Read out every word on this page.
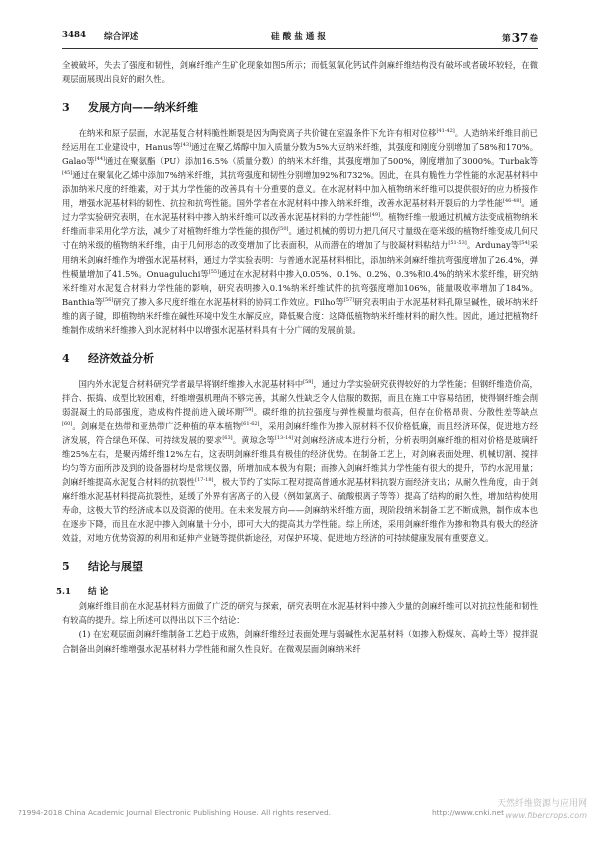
3484 综合评述	硅酸盐通报	第37卷

全被破坏，失去了强度和韧性，剑麻纤维产生矿化现象如图5所示；而低氢氧化钙试件剑麻纤维结构没有破坏或者破坏较轻，在微观层面展现出良好的耐久性。

3 发展方向——纳米纤维

在纳米和原子层面，水泥基复合材料脆性断裂是因为陶瓷离子共价键在室温条件下允许有相对位移[41-42]。人造纳米纤维目前已经运用在工业建设中，Hanus等[43]通过在聚乙烯醇中加入质量分数为5%大豆纳米纤维，其强度和刚度分别增加了58%和170%。Galao等[44]通过在聚氨酯（PU）添加16.5%（质量分数）的纳米木纤维，其强度增加了500%，刚度增加了3000%。Turbak等[45]通过在聚氧化乙烯中添加7%纳米纤维，其抗弯强度和韧性分别增加92%和732%。因此，在具有脆性力学性能的水泥基材料中添加纳米尺度的纤维素，对于其力学性能的改善具有十分重要的意义。在水泥材料中加入植物纳米纤维可以提供很好的应力桥接作用，增强水泥基材料的韧性、抗拉和抗弯性能。国外学者在水泥材料中掺入纳米纤维，改善水泥基材料开裂后的力学性能[46-48]。通过力学实验研究表明，在水泥基材料中掺入纳米纤维可以改善水泥基材料的力学性能[49]。植物纤维一般通过机械方法变成植物纳米纤维而非采用化学方法，减少了对植物纤维力学性能的损伤[50]。通过机械的剪切力把几何尺寸量级在毫米级的植物纤维变成几何尺寸在纳米级的植物纳米纤维，由于几何形态的改变增加了比表面积，从而潜在的增加了与胶凝材料粘结力[51-53]。Ardunay等[54]采用纳米剑麻纤维作为增强水泥基材料，通过力学实验表明：与普通水泥基材料相比，添加纳米剑麻纤维抗弯强度增加了26.4%，弹性模量增加了41.5%。Onuaguluchi等[55]通过在水泥材料中掺入0.05%、0.1%、0.2%、0.3%和0.4%的纳米木浆纤维，研究纳米纤维对水泥复合材料力学性能的影响，研究表明掺入0.1%纳米纤维试件的抗弯强度增加106%，能量吸收率增加了184%。Banthia等[56]研究了掺入多尺度纤维在水泥基材料的协同工作效应。Filho等[57]研究表明由于水泥基材料孔隙呈碱性，破坏纳米纤维的离子键，即植物纳米纤维在碱性环境中发生水解反应，降低聚合度：这降低植物纳米纤维材料的耐久性。因此，通过把植物纤维制作成纳米纤维掺入到水泥材料中以增强水泥基材料具有十分广阔的发展前景。

4 经济效益分析

国内外水泥复合材料研究学者最早将钢纤维掺入水泥基材料中[58]，通过力学实验研究获得较好的力学性能；但钢纤维造价高，拌合、振捣、成型比较困难，纤维增强机理尚不够完善，其耐久性缺乏令人信服的数据，而且在施工中容易结团，使得钢纤维会削弱混凝土的局部强度，造成构件提前进入破坏期[59]。碳纤维的抗拉强度与弹性模量均很高，但存在价格昂贵、分散性差等缺点[60]。剑麻是在热带和亚热带广泛种植的草本植物[61-62]，采用剑麻纤维作为掺入原材料不仅价格低廉，而且经济环保，促进地方经济发展，符合绿色环保、可持续发展的要求[63]。黄琼念等[13-14]对剑麻经济成本进行分析，分析表明剑麻纤维的相对价格是玻璃纤维25%左右，是聚丙烯纤维12%左右，这表明剑麻纤维具有极佳的经济优势。在制备工艺上，对剑麻表面处理、机械切割、搅拌均匀等方面所涉及到的设备器材均是常规仪器，所增加成本极为有限；而掺入剑麻纤维其力学性能有很大的提升，节约水泥用量；剑麻纤维提高水泥复合材料的抗裂性[17-18]，极大节约了实际工程对提高普通水泥基材料抗裂方面经济支出；从耐久性角度，由于剑麻纤维水泥基材料提高抗裂性，延缓了外界有害离子的入侵（例如氯离子、硫酸根离子等等）提高了结构的耐久性，增加结构使用寿命，这极大节约经济成本以及资源的使用。在未来发展方向——剑麻纳米纤维方面，现阶段纳米制备工艺不断成熟，制作成本也在逐步下降，而且在水泥中掺入剑麻量十分小，即可大大的提高其力学性能。综上所述，采用剑麻纤维作为掺和物具有极大的经济效益，对地方优势资源的利用和延伸产业链等提供新途径，对保护环境、促进地方经济的可持续健康发展有重要意义。

5 结论与展望
5.1 结 论

剑麻纤维目前在水泥基材料方面做了广泛的研究与探索，研究表明在水泥基材料中掺入少量的剑麻纤维可以对抗拉性能和韧性有较高的提升。综上所述可以得出以下三个结论：

(1) 在宏观层面剑麻纤维制备工艺趋于成熟，剑麻纤维经过表面处理与弱碱性水泥基材料（如掺入粉煤灰、高岭土等）搅拌混合制备出剑麻纤维增强水泥基材料力学性能和耐久性良好。在微观层面剑麻纳米纤

?1994-2018 China Academic Journal Electronic Publishing House. All rights reserved.	http://www.cnki.net
天然纤维资源与应用网
www.fibercrops.com
